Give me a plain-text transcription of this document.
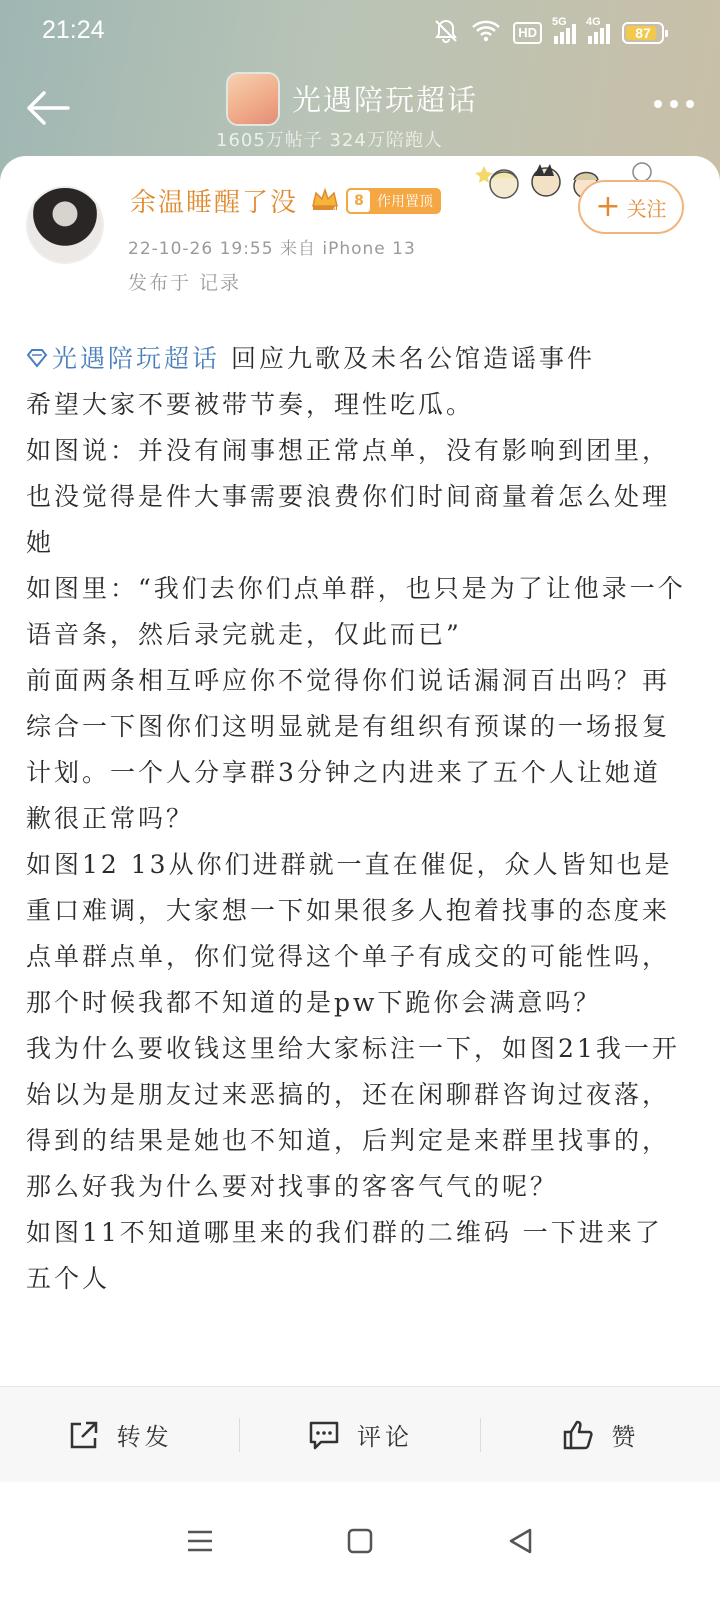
21:24	HD
5G 4G
87
光遇陪玩超话
1605万帖子 324万陪跑人
余温睡醒了没	4
8 作用置顶
22-10-26 19:55 来自 iPhone 13
发布于 记录
+ 关注

光遇陪玩超话 回应九歌及未名公馆造谣事件

希望大家不要被带节奏，理性吃瓜。

如图说：并没有闹事想正常点单，没有影响到团里，也没觉得是件大事需要浪费你们时间商量着怎么处理她

如图里：“我们去你们点单群，也只是为了让他录一个语音条，然后录完就走，仅此而已”

前面两条相互呼应你不觉得你们说话漏洞百出吗？再综合一下图你们这明显就是有组织有预谋的一场报复计划。一个人分享群3分钟之内进来了五个人让她道歉很正常吗？

如图12 13从你们进群就一直在催促，众人皆知也是重口难调，大家想一下如果很多人抱着找事的态度来点单群点单，你们觉得这个单子有成交的可能性吗，那个时候我都不知道的是pw下跪你会满意吗？

我为什么要收钱这里给大家标注一下，如图21我一开始以为是朋友过来恶搞的，还在闲聊群咨询过夜落，得到的结果是她也不知道，后判定是来群里找事的，那么好我为什么要对找事的客客气气的呢？

如图11不知道哪里来的我们群的二维码 一下进来了五个人

转发	评论	赞
